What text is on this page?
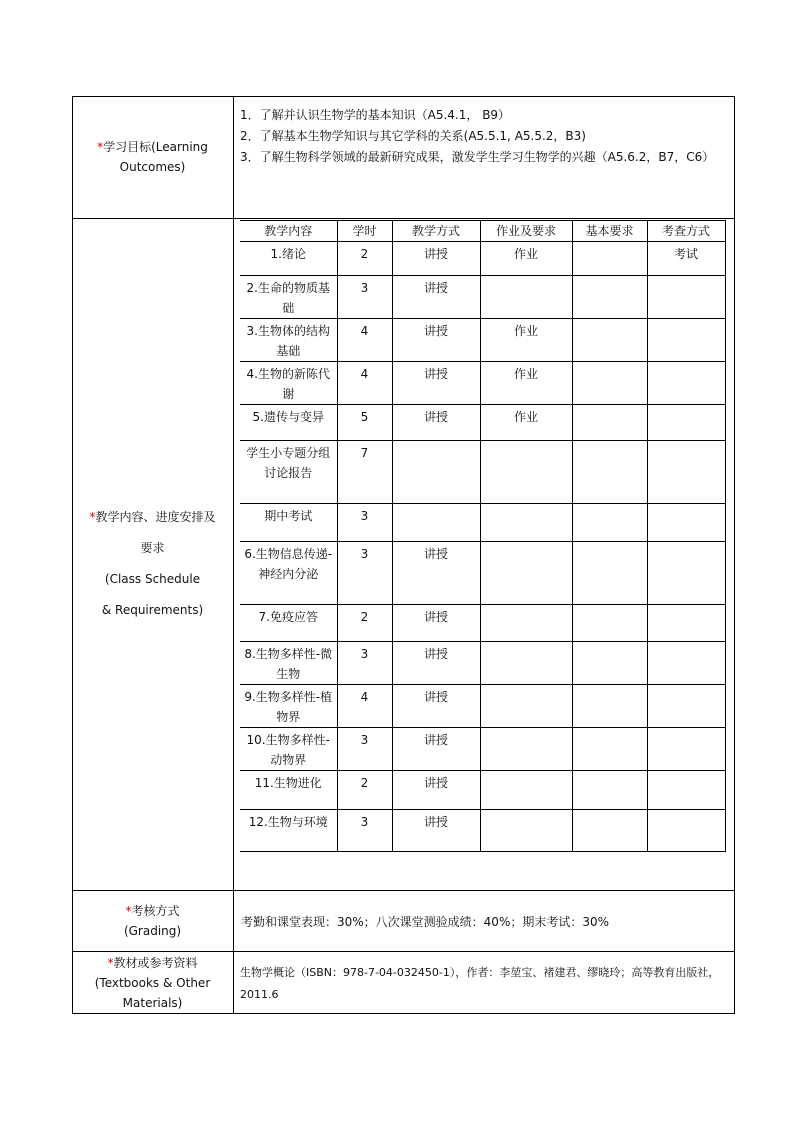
*学习目标(Learning
Outcomes)
1．了解并认识生物学的基本知识（A5.4.1， B9）
2．了解基本生物学知识与其它学科的关系(A5.5.1, A5.5.2，B3)
3．了解生物科学领域的最新研究成果，激发学生学习生物学的兴趣（A5.6.2，B7，C6）
*教学内容、进度安排及
要求
(Class Schedule
& Requirements)
教学内容	学时	教学方式	作业及要求	基本要求	考查方式
1.绪论	2	讲授	作业		考试
2.生命的物质基础	3	讲授			
3.生物体的结构基础	4	讲授	作业		
4.生物的新陈代谢	4	讲授	作业		
5.遗传与变异	5	讲授	作业		
学生小专题分组讨论报告	7				
期中考试	3				
6.生物信息传递-神经内分泌	3	讲授			
7.免疫应答	2	讲授			
8.生物多样性-微生物	3	讲授			
9.生物多样性-植物界	4	讲授			
10.生物多样性-动物界	3	讲授			
11.生物进化	2	讲授			
12.生物与环境	3	讲授			
*考核方式
(Grading)
考勤和课堂表现：30%；八次课堂测验成绩：40%；期末考试：30%
*教材或参考资料
(Textbooks & Other
Materials)
生物学概论（ISBN：978-7-04-032450-1），作者：李堃宝、褚建君、缪晓玲；高等教育出版社，2011.6
